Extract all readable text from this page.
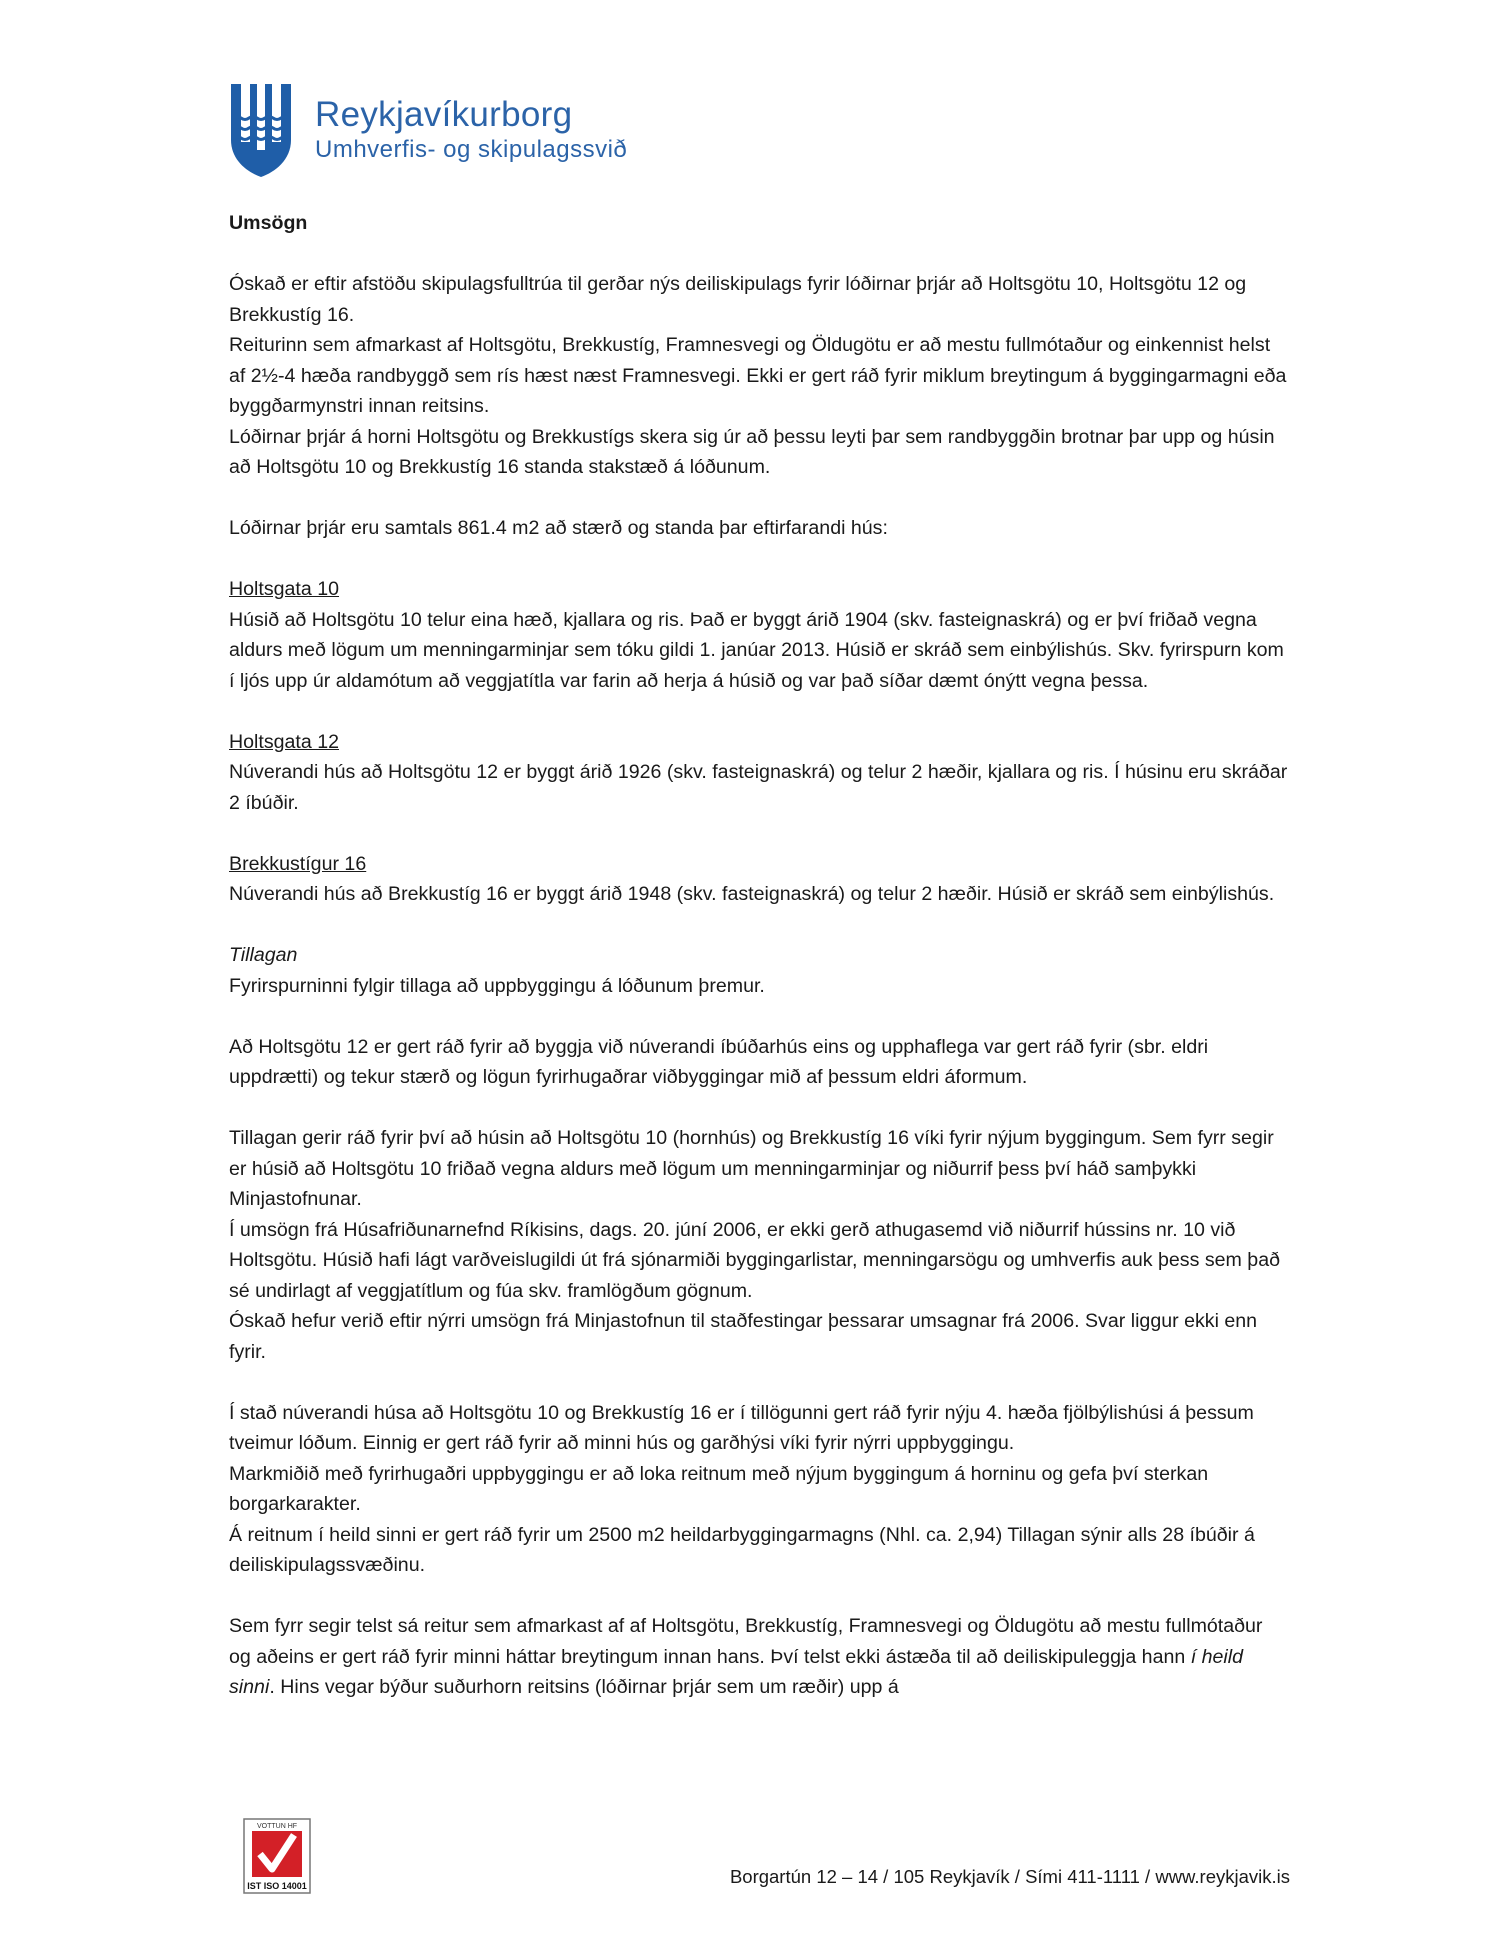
Reykjavíkurborg
Umhverfis- og skipulagssvið

Umsögn

Óskað er eftir afstöðu skipulagsfulltrúa til gerðar nýs deiliskipulags fyrir lóðirnar þrjár að Holtsgötu 10, Holtsgötu 12 og Brekkustíg 16.

Reiturinn sem afmarkast af Holtsgötu, Brekkustíg, Framnesvegi og Öldugötu er að mestu fullmótaður og einkennist helst af 2½-4 hæða randbyggð sem rís hæst næst Framnesvegi. Ekki er gert ráð fyrir miklum breytingum á byggingarmagni eða byggðarmynstri innan reitsins.

Lóðirnar þrjár á horni Holtsgötu og Brekkustígs skera sig úr að þessu leyti þar sem randbyggðin brotnar þar upp og húsin að Holtsgötu 10 og Brekkustíg 16 standa stakstæð á lóðunum.

Lóðirnar þrjár eru samtals 861.4 m2 að stærð og standa þar eftirfarandi hús:

Holtsgata 10

Húsið að Holtsgötu 10 telur eina hæð, kjallara og ris. Það er byggt árið 1904 (skv. fasteignaskrá) og er því friðað vegna aldurs með lögum um menningarminjar sem tóku gildi 1. janúar 2013. Húsið er skráð sem einbýlishús. Skv. fyrirspurn kom í ljós upp úr aldamótum að veggjatítla var farin að herja á húsið og var það síðar dæmt ónýtt vegna þessa.

Holtsgata 12

Núverandi hús að Holtsgötu 12 er byggt árið 1926 (skv. fasteignaskrá) og telur 2 hæðir, kjallara og ris. Í húsinu eru skráðar 2 íbúðir.

Brekkustígur 16

Núverandi hús að Brekkustíg 16 er byggt árið 1948 (skv. fasteignaskrá) og telur 2 hæðir. Húsið er skráð sem einbýlishús.

Tillagan

Fyrirspurninni fylgir tillaga að uppbyggingu á lóðunum þremur.

Að Holtsgötu 12 er gert ráð fyrir að byggja við núverandi íbúðarhús eins og upphaflega var gert ráð fyrir (sbr. eldri uppdrætti) og tekur stærð og lögun fyrirhugaðrar viðbyggingar mið af þessum eldri áformum.

Tillagan gerir ráð fyrir því að húsin að Holtsgötu 10 (hornhús) og Brekkustíg 16 víki fyrir nýjum byggingum. Sem fyrr segir er húsið að Holtsgötu 10 friðað vegna aldurs með lögum um menningarminjar og niðurrif þess því háð samþykki Minjastofnunar.

Í umsögn frá Húsafriðunarnefnd Ríkisins, dags. 20. júní 2006, er ekki gerð athugasemd við niðurrif hússins nr. 10 við Holtsgötu. Húsið hafi lágt varðveislugildi út frá sjónarmiði byggingarlistar, menningarsögu og umhverfis auk þess sem það sé undirlagt af veggjatítlum og fúa skv. framlögðum gögnum.

Óskað hefur verið eftir nýrri umsögn frá Minjastofnun til staðfestingar þessarar umsagnar frá 2006. Svar liggur ekki enn fyrir.

Í stað núverandi húsa að Holtsgötu 10 og Brekkustíg 16 er í tillögunni gert ráð fyrir nýju 4. hæða fjölbýlishúsi á þessum tveimur lóðum. Einnig er gert ráð fyrir að minni hús og garðhýsi víki fyrir nýrri uppbyggingu.

Markmiðið með fyrirhugaðri uppbyggingu er að loka reitnum með nýjum byggingum á horninu og gefa því sterkan borgarkarakter.

Á reitnum í heild sinni er gert ráð fyrir um 2500 m2 heildarbyggingarmagns (Nhl. ca. 2,94) Tillagan sýnir alls 28 íbúðir á deiliskipulagssvæðinu.

Sem fyrr segir telst sá reitur sem afmarkast af af Holtsgötu, Brekkustíg, Framnesvegi og Öldugötu að mestu fullmótaður og aðeins er gert ráð fyrir minni háttar breytingum innan hans. Því telst ekki ástæða til að deiliskipuleggja hann í heild sinni. Hins vegar býður suðurhorn reitsins (lóðirnar þrjár sem um ræðir) upp á

VOTTUN HF
IST ISO 14001	Borgartún 12 – 14 / 105 Reykjavík / Sími 411-1111 / www.reykjavik.is
